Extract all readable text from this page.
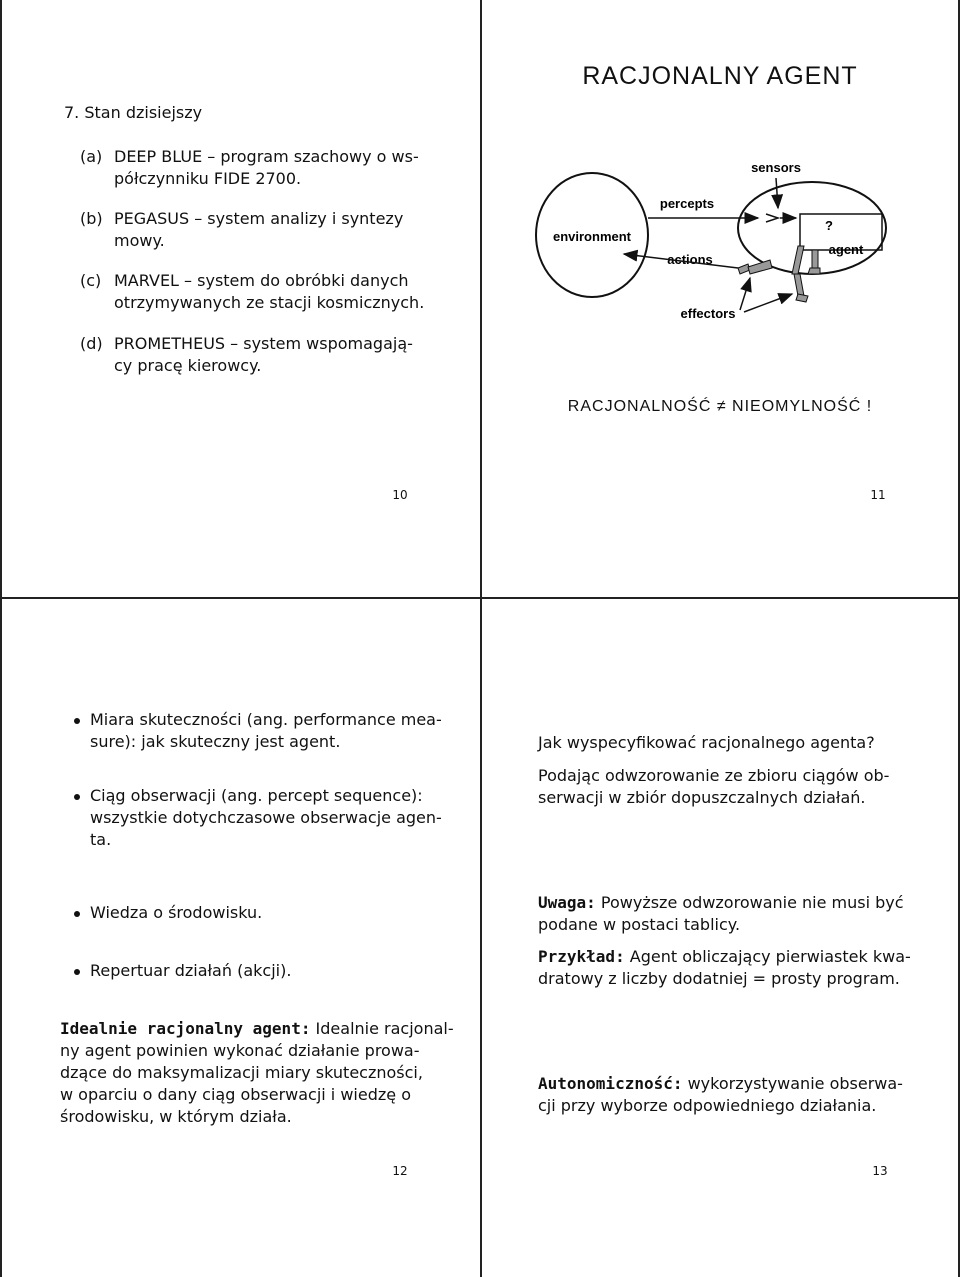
7. Stan dzisiejszy
(a) DEEP BLUE – program szachowy o ws-
półczynniku FIDE 2700.
(b) PEGASUS – system analizy i syntezy
mowy.
(c) MARVEL – system do obróbki danych
otrzymywanych ze stacji kosmicznych.
(d) PROMETHEUS – system wspomagają-
cy pracę kierowcy.
10
RACJONALNY AGENT
environment
?
agent
sensors
percepts
actions
effectors
RACJONALNOŚĆ ≠ NIEOMYLNOŚĆ !
11
Miara skuteczności (ang. performance mea-
sure): jak skuteczny jest agent.
Ciąg obserwacji (ang. percept sequence):
wszystkie dotychczasowe obserwacje agen-
ta.
Wiedza o środowisku.
Repertuar działań (akcji).
Idealnie racjonalny agent: Idealnie racjonal-
ny agent powinien wykonać działanie prowa-
dzące do maksymalizacji miary skuteczności,
w oparciu o dany ciąg obserwacji i wiedzę o
środowisku, w którym działa.
12
Jak wyspecyfikować racjonalnego agenta?
Podając odwzorowanie ze zbioru ciągów ob-
serwacji w zbiór dopuszczalnych działań.
Uwaga: Powyższe odwzorowanie nie musi być
podane w postaci tablicy.
Przykład: Agent obliczający pierwiastek kwa-
dratowy z liczby dodatniej = prosty program.
Autonomiczność: wykorzystywanie obserwa-
cji przy wyborze odpowiedniego działania.
13
